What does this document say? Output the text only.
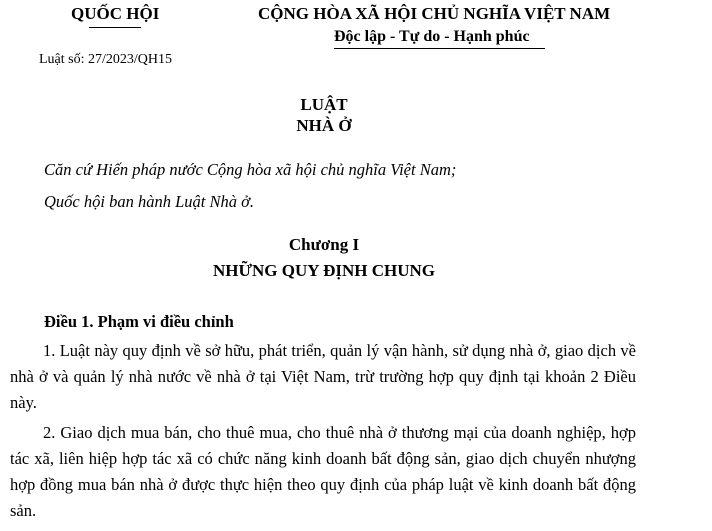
QUỐC HỘI	CỘNG HÒA XÃ HỘI CHỦ NGHĨA VIỆT NAM
Độc lập - Tự do - Hạnh phúc
Luật số: 27/2023/QH15
LUẬT
NHÀ Ở
Căn cứ Hiến pháp nước Cộng hòa xã hội chủ nghĩa Việt Nam;
Quốc hội ban hành Luật Nhà ở.
Chương I
NHỮNG QUY ĐỊNH CHUNG
Điều 1. Phạm vi điều chỉnh

1. Luật này quy định về sở hữu, phát triển, quản lý vận hành, sử dụng nhà ở, giao dịch về nhà ở và quản lý nhà nước về nhà ở tại Việt Nam, trừ trường hợp quy định tại khoản 2 Điều này.

2. Giao dịch mua bán, cho thuê mua, cho thuê nhà ở thương mại của doanh nghiệp, hợp tác xã, liên hiệp hợp tác xã có chức năng kinh doanh bất động sản, giao dịch chuyển nhượng hợp đồng mua bán nhà ở được thực hiện theo quy định của pháp luật về kinh doanh bất động sản.
